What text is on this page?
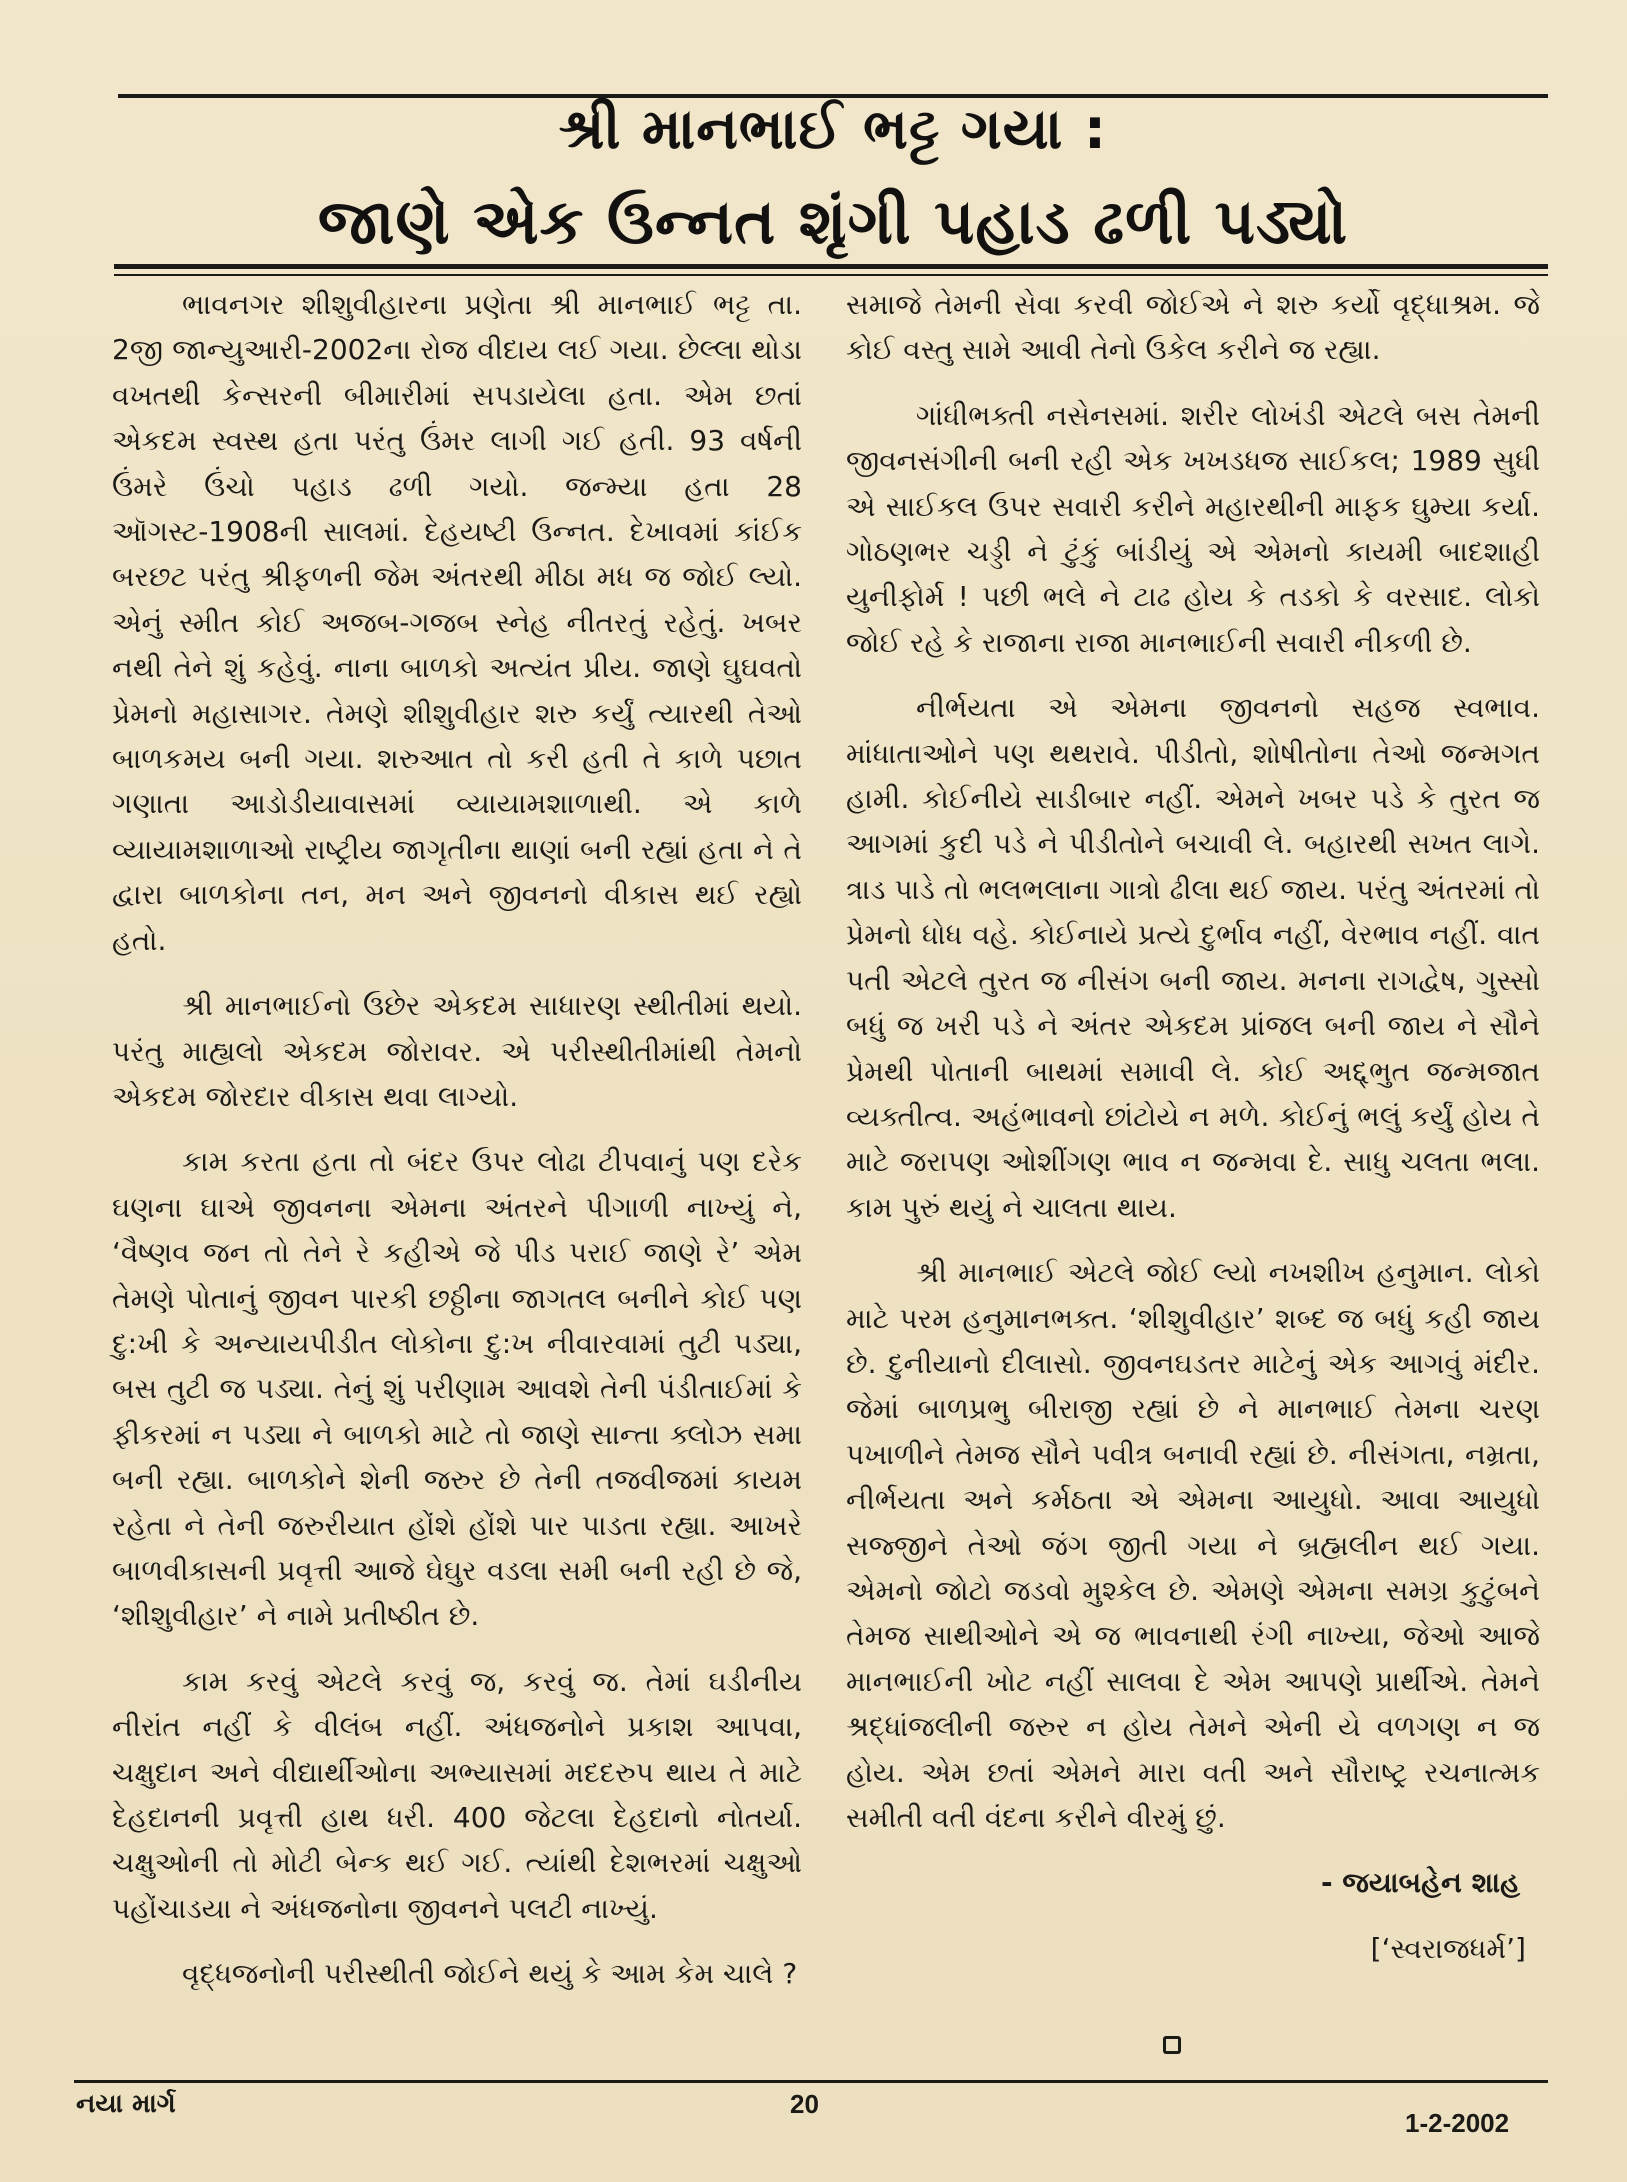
શ્રી માનભાઈ ભટ્ટ ગયા :
જાણે એક ઉન્નત શૃંગી પહાડ ઢળી પડ્યો

ભાવનગર શીશુવીહારના પ્રણેતા શ્રી માનભાઈ ભટ્ટ તા. 2જી જાન્યુઆરી-2002ના રોજ વીદાય લઈ ગયા. છેલ્લા થોડા વખતથી કેન્સરની બીમારીમાં સપડાયેલા હતા. એમ છતાં એકદમ સ્વસ્થ હતા પરંતુ ઉંમર લાગી ગઈ હતી. 93 વર્ષની ઉંમરે ઉંચો પહાડ ઢળી ગયો. જન્મ્યા હતા 28 ઑગસ્ટ-1908ની સાલમાં. દેહયષ્ટી ઉન્નત. દેખાવમાં કાંઈક બરછટ પરંતુ શ્રીફળની જેમ અંતરથી મીઠા મધ જ જોઈ લ્યો. એનું સ્મીત કોઈ અજબ-ગજબ સ્નેહ નીતરતું રહેતું. ખબર નથી તેને શું કહેવું. નાના બાળકો અત્યંત પ્રીય. જાણે ઘુઘવતો પ્રેમનો મહાસાગર. તેમણે શીશુવીહાર શરુ કર્યું ત્યારથી તેઓ બાળકમય બની ગયા. શરુઆત તો કરી હતી તે કાળે પછાત ગણાતા આડોડીયાવાસમાં વ્યાયામશાળાથી. એ કાળે વ્યાયામશાળાઓ રાષ્ટ્રીય જાગૃતીના થાણાં બની રહ્યાં હતા ને તે દ્વારા બાળકોના તન, મન અને જીવનનો વીકાસ થઈ રહ્યો હતો.

શ્રી માનભાઈનો ઉછેર એકદમ સાધારણ સ્થીતીમાં થયો. પરંતુ માહ્યલો એકદમ જોરાવર. એ પરીસ્થીતીમાંથી તેમનો એકદમ જોરદાર વીકાસ થવા લાગ્યો.

કામ કરતા હતા તો બંદર ઉપર લોઢા ટીપવાનું પણ દરેક ઘણના ઘાએ જીવનના એમના અંતરને પીગાળી નાખ્યું ને, ‘વૈષ્ણવ જન તો તેને રે કહીએ જે પીડ પરાઈ જાણે રે’ એમ તેમણે પોતાનું જીવન પારકી છઠ્ઠીના જાગતલ બનીને કોઈ પણ દુ:ખી કે અન્યાયપીડીત લોકોના દુ:ખ નીવારવામાં તુટી પડ્યા, બસ તુટી જ પડ્યા. તેનું શું પરીણામ આવશે તેની પંડીતાઈમાં કે ફીકરમાં ન પડ્યા ને બાળકો માટે તો જાણે સાન્તા ક્લોઝ સમા બની રહ્યા. બાળકોને શેની જરુર છે તેની તજવીજમાં કાયમ રહેતા ને તેની જરુરીયાત હોંશે હોંશે પાર પાડતા રહ્યા. આખરે બાળવીકાસની પ્રવૃત્તી આજે ઘેઘુર વડલા સમી બની રહી છે જે, ‘શીશુવીહાર’ ને નામે પ્રતીષ્ઠીત છે.

કામ કરવું એટલે કરવું જ, કરવું જ. તેમાં ઘડીનીય નીરાંત નહીં કે વીલંબ નહીં. અંધજનોને પ્રકાશ આપવા, ચક્ષુદાન અને વીદ્યાર્થીઓના અભ્યાસમાં મદદરુપ થાય તે માટે દેહદાનની પ્રવૃત્તી હાથ ધરી. 400 જેટલા દેહદાનો નોતર્યા. ચક્ષુઓની તો મોટી બેન્ક થઈ ગઈ. ત્યાંથી દેશભરમાં ચક્ષુઓ પહોંચાડયા ને અંધજનોના જીવનને પલટી નાખ્યું.

વૃદ્ધજનોની પરીસ્થીતી જોઈને થયું કે આમ કેમ ચાલે ?

સમાજે તેમની સેવા કરવી જોઈએ ને શરુ કર્યો વૃદ્ધાશ્રમ. જે કોઈ વસ્તુ સામે આવી તેનો ઉકેલ કરીને જ રહ્યા.

ગાંધીભક્તી નસેનસમાં. શરીર લોખંડી એટલે બસ તેમની જીવનસંગીની બની રહી એક ખખડધજ સાઈકલ; 1989 સુધી એ સાઈકલ ઉપર સવારી કરીને મહારથીની માફક ઘુમ્યા કર્યા. ગોઠણભર ચડ્ડી ને ટુંકું બાંડીયું એ એમનો કાયમી બાદશાહી યુનીફોર્મ ! પછી ભલે ને ટાઢ હોય કે તડકો કે વરસાદ. લોકો જોઈ રહે કે રાજાના રાજા માનભાઈની સવારી નીકળી છે.

નીર્ભયતા એ એમના જીવનનો સહજ સ્વભાવ. માંધાતાઓને પણ થથરાવે. પીડીતો, શોષીતોના તેઓ જન્મગત હામી. કોઈનીયે સાડીબાર નહીં. એમને ખબર પડે કે તુરત જ આગમાં કુદી પડે ને પીડીતોને બચાવી લે. બહારથી સખત લાગે. ત્રાડ પાડે તો ભલભલાના ગાત્રો ઢીલા થઈ જાય. પરંતુ અંતરમાં તો પ્રેમનો ધોધ વહે. કોઈનાયે પ્રત્યે દુર્ભાવ નહીં, વેરભાવ નહીં. વાત પતી એટલે તુરત જ નીસંગ બની જાય. મનના રાગદ્વેષ, ગુસ્સો બધું જ ખરી પડે ને અંતર એકદમ પ્રાંજલ બની જાય ને સૌને પ્રેમથી પોતાની બાથમાં સમાવી લે. કોઈ અદ્દ્ભુત જન્મજાત વ્યક્તીત્વ. અહંભાવનો છાંટોયે ન મળે. કોઈનું ભલું કર્યું હોય તે માટે જરાપણ ઓશીંગણ ભાવ ન જન્મવા દે. સાધુ ચલતા ભલા. કામ પુરું થયું ને ચાલતા થાય.

શ્રી માનભાઈ એટલે જોઈ લ્યો નખશીખ હનુમાન. લોકો માટે પરમ હનુમાનભક્ત. ‘શીશુવીહાર’ શબ્દ જ બધું કહી જાય છે. દુનીયાનો દીલાસો. જીવનઘડતર માટેનું એક આગવું મંદીર. જેમાં બાળપ્રભુ બીરાજી રહ્યાં છે ને માનભાઈ તેમના ચરણ પખાળીને તેમજ સૌને પવીત્ર બનાવી રહ્યાં છે. નીસંગતા, નમ્રતા, નીર્ભયતા અને કર્મઠતા એ એમના આયુધો. આવા આયુધો સજ્જીને તેઓ જંગ જીતી ગયા ને બ્રહ્મલીન થઈ ગયા. એમનો જોટો જડવો મુશ્કેલ છે. એમણે એમના સમગ્ર કુટુંબને તેમજ સાથીઓને એ જ ભાવનાથી રંગી નાખ્યા, જેઓ આજે માનભાઈની ખોટ નહીં સાલવા દે એમ આપણે પ્રાર્થીએ. તેમને શ્રદ્ધાંજલીની જરુર ન હોય તેમને એની યે વળગણ ન જ હોય. એમ છતાં એમને મારા વતી અને સૌરાષ્ટ્ર રચનાત્મક સમીતી વતી વંદના કરીને વીરમું છું.

- જયાબહેન શાહ

[‘સ્વરાજધર્મ’]

નયા માર્ગ	20

1-2-2002
